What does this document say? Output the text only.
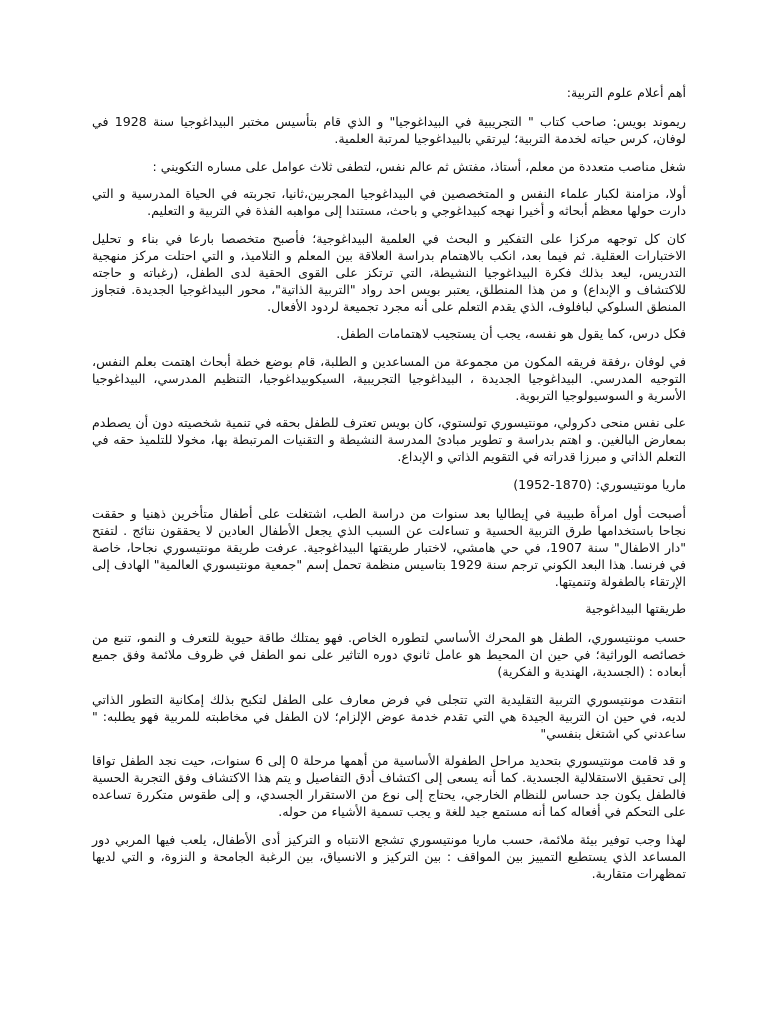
أهم أعلام علوم التربية:

ريموند بويس: صاحب كتاب " التجريبية في البيداغوجيا" و الذي قام بتأسيس مختبر البيداغوجيا سنة 1928 في لوفان، كرس حياته لخدمة التربية؛ ليرتقي بالبيداغوجيا لمرتبة العلمية.

شغل مناصب متعددة من معلم، أستاذ، مفتش ثم عالم نفس، لتطفى ثلاث عوامل على مساره التكويني :

أولا، مزامنة لكبار علماء النفس و المتخصصين في البيداغوجيا المجربين،ثانيا، تجربته في الحياة المدرسية و التي دارت حولها معظم أبحاثه و أخيرا نهجه كبيداغوجي و باحث، مستندا إلى مواهبه الفذة في التربية و التعليم.

كان كل توجهه مركزا على التفكير و البحث في العلمية البيداغوجية؛ فأصبح متخصصا بارعا في بناء و تحليل الاختبارات العقلية. ثم فيما بعد، انكب بالاهتمام بدراسة العلاقة بين المعلم و التلاميذ، و التي احتلت مركز منهجية التدريس، ليعد بذلك فكرة البيداغوجيا النشيطة، التي ترتكز على القوى الحقية لدى الطفل، (رغباته و حاجته للاكتشاف و الإبداع) و من هذا المنطلق، يعتبر بويس احد رواد "التربية الذاتية"، محور البيداغوجيا الجديدة. فتجاوز المنطق السلوكي لبافلوف، الذي يقدم التعلم على أنه مجرد تجميعة لردود الأفعال.

فكل درس، كما يقول هو نفسه، يجب أن يستجيب لاهتمامات الطفل.

في لوفان ،رفقة فريقه المكون من مجموعة من المساعدين و الطلبة، قام بوضع خطة أبحاث اهتمت بعلم النفس، التوجيه المدرسي. البيداغوجيا الجديدة ، البيداغوجيا التجريبية، السيكوبيداغوجيا، التنظيم المدرسي، البيداغوجيا الأسرية و السوسيولوجيا التربوية.

على نفس منحى دكرولي، مونتيسوري تولستوي، كان بويس تعترف للطفل بحقه في تنمية شخصيته دون أن يصطدم بمعارض البالغين. و اهتم بدراسة و تطوير مبادئ المدرسة النشيطة و التقنيات المرتبطة بها، مخولا للتلميذ حقه في التعلم الذاتي و مبرزا قدراته في التقويم الذاتي و الإبداع.

ماريا مونتيسوري: (1870-1952)

أصبحت أول امرأة طبيبة في إيطاليا بعد سنوات من دراسة الطب، اشتغلت على أطفال متأخرين ذهنيا و حققت نجاحا باستخدامها طرق التربية الحسية و تساءلت عن السبب الذي يجعل الأطفال العادين لا يحققون نتائج . لتفتح "دار الاطفال" سنة 1907، في حي هامشي، لاختبار طريقتها البيداغوجية. عرفت طريقة مونتيسوري نجاحا، خاصة في فرنسا. هذا البعد الكوني ترجم سنة 1929 بتاسيس منظمة تحمل إسم "جمعية مونتيسوري العالمية" الهادف إلى الإرتقاء بالطفولة وتنميتها.

طريقتها البيداغوجية

حسب مونتيسوري، الطفل هو المحرك الأساسي لتطوره الخاص. فهو يمتلك طاقة حيوية للتعرف و النمو، تنبع من خصائصه الوراثية؛ في حين ان المحيط هو عامل ثانوي دوره التاثير على نمو الطفل في ظروف ملائمة وفق جميع أبعاده : (الجسدية، الهندية و الفكرية)

انتقدت مونتيسوري التربية التقليدية التي تتجلى في فرض معارف على الطفل لتكبح بذلك إمكانية التطور الذاتي لديه، في حين ان التربية الجيدة هي التي تقدم خدمة عوض الإلزام؛ لان الطفل في مخاطبته للمربية فهو يطلبه: " ساعدني كي اشتغل بنفسي"

و قد قامت مونتيسوري بتحديد مراحل الطفولة الأساسية من أهمها مرحلة 0 إلى 6 سنوات، حيت نجد الطفل تواقا إلى تحقيق الاستقلالية الجسدية. كما أنه يسعى إلى اكتشاف أدق التفاصيل و يتم هذا الاكتشاف وفق التجربة الحسية فالطفل يكون جد حساس للنظام الخارجي، يحتاج إلى نوع من الاستقرار الجسدي، و إلى طقوس متكررة تساعده على التحكم في أفعاله كما أنه مستمع جيد للغة و يجب تسمية الأشياء من حوله.

لهذا وجب توفير بيئة ملائمة، حسب ماريا مونتيسوري تشجع الانتباه و التركيز أدى الأطفال، يلعب فيها المربي دور المساعد الذي يستطيع التمييز بين المواقف : بين التركيز و الانسياق، بين الرغبة الجامحة و النزوة، و التي لديها تمظهرات متقاربة.
